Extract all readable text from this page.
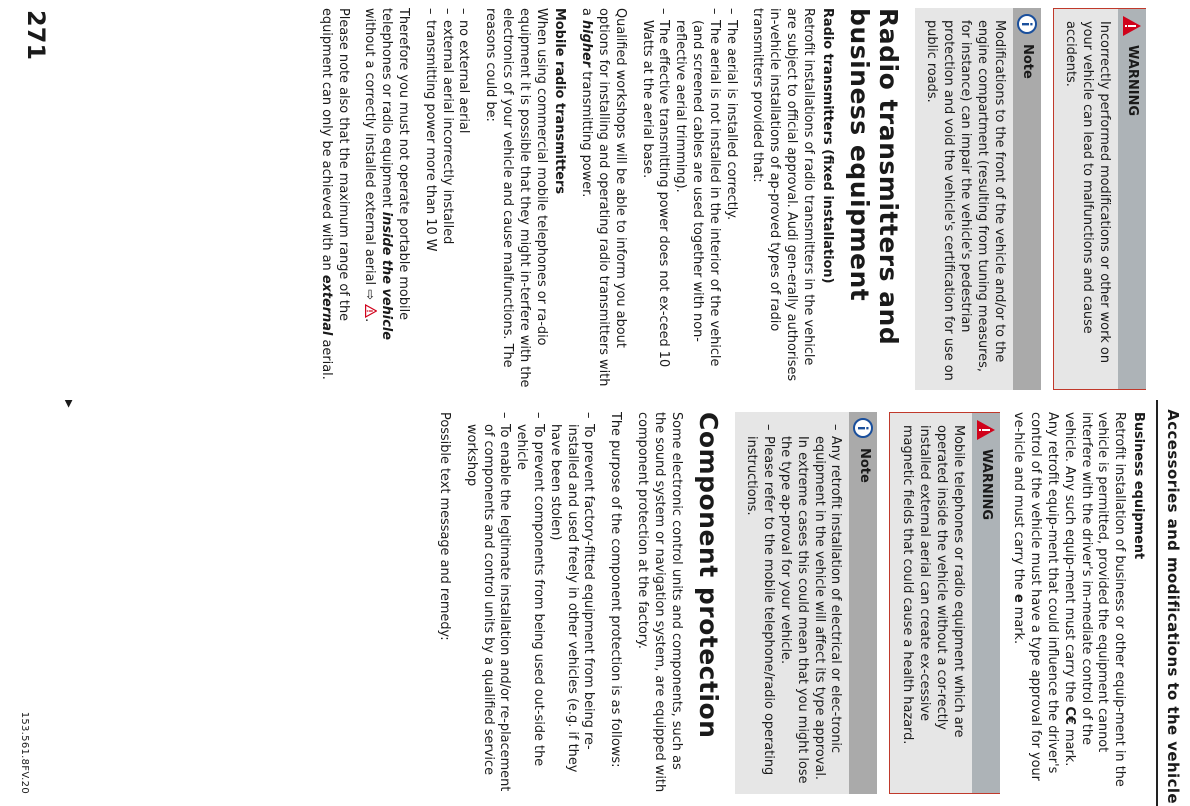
Accessories and modifications to the vehicle
WARNING
Incorrectly performed modifications or other work on your vehicle can lead to malfunctions and cause accidents.
Note
Modifications to the front of the vehicle and/or to the engine compartment (resulting from tuning measures, for instance) can impair the vehicle's pedestrian protection and void the vehicle's certification for use on public roads.
Radio transmitters and business equipment
Radio transmitters (fixed installation)

Retrofit installations of radio transmitters in the vehicle are subject to official approval. Audi gen-erally authorises in-vehicle installations of ap-proved types of radio transmitters provided that:

– The aerial is installed correctly.
– The aerial is not installed in the interior of the vehicle (and screened cables are used together with non-reflective aerial trimming).
– The effective transmitting power does not ex-ceed 10 Watts at the aerial base.

Qualified workshops will be able to inform you about options for installing and operating radio transmitters with a higher transmitting power.

Mobile radio transmitters

When using commercial mobile telephones or ra-dio equipment it is possible that they might in-terfere with the electronics of your vehicle and cause malfunctions. The reasons could be:

– no external aerial
– external aerial incorrectly installed
– transmitting power more than 10 W

Therefore you must not operate portable mobile telephones or radio equipment inside the vehicle without a correctly installed external aerial ⇨ .

Please note also that the maximum range of the equipment can only be achieved with an external aerial.

Business equipment

Retrofit installation of business or other equip-ment in the vehicle is permitted, provided the equipment cannot interfere with the driver's im-mediate control of the vehicle. Any such equip-ment must carry the C€ mark. Any retrofit equip-ment that could influence the driver's control of the vehicle must have a type approval for your ve-hicle and must carry the e mark.

WARNING
Mobile telephones or radio equipment which are operated inside the vehicle without a cor-rectly installed external aerial can create ex-cessive magnetic fields that could cause a health hazard.
Note
– Any retrofit installation of electrical or elec-tronic equipment in the vehicle will affect its type approval. In extreme cases this could mean that you might lose the type ap-proval for your vehicle.
– Please refer to the mobile telephone/radio operating instructions.
Component protection

Some electronic control units and components, such as the sound system or navigation system, are equipped with component protection at the factory.

The purpose of the component protection is as follows:

– To prevent factory-fitted equipment from being re-installed and used freely in other vehicles (e.g. if they have been stolen)
– To prevent components from being used out-side the vehicle
– To enable the legitimate installation and/or re-placement of components and control units by a qualified service workshop

Possible text message and remedy:

271
▶
153.561.8FV.20
